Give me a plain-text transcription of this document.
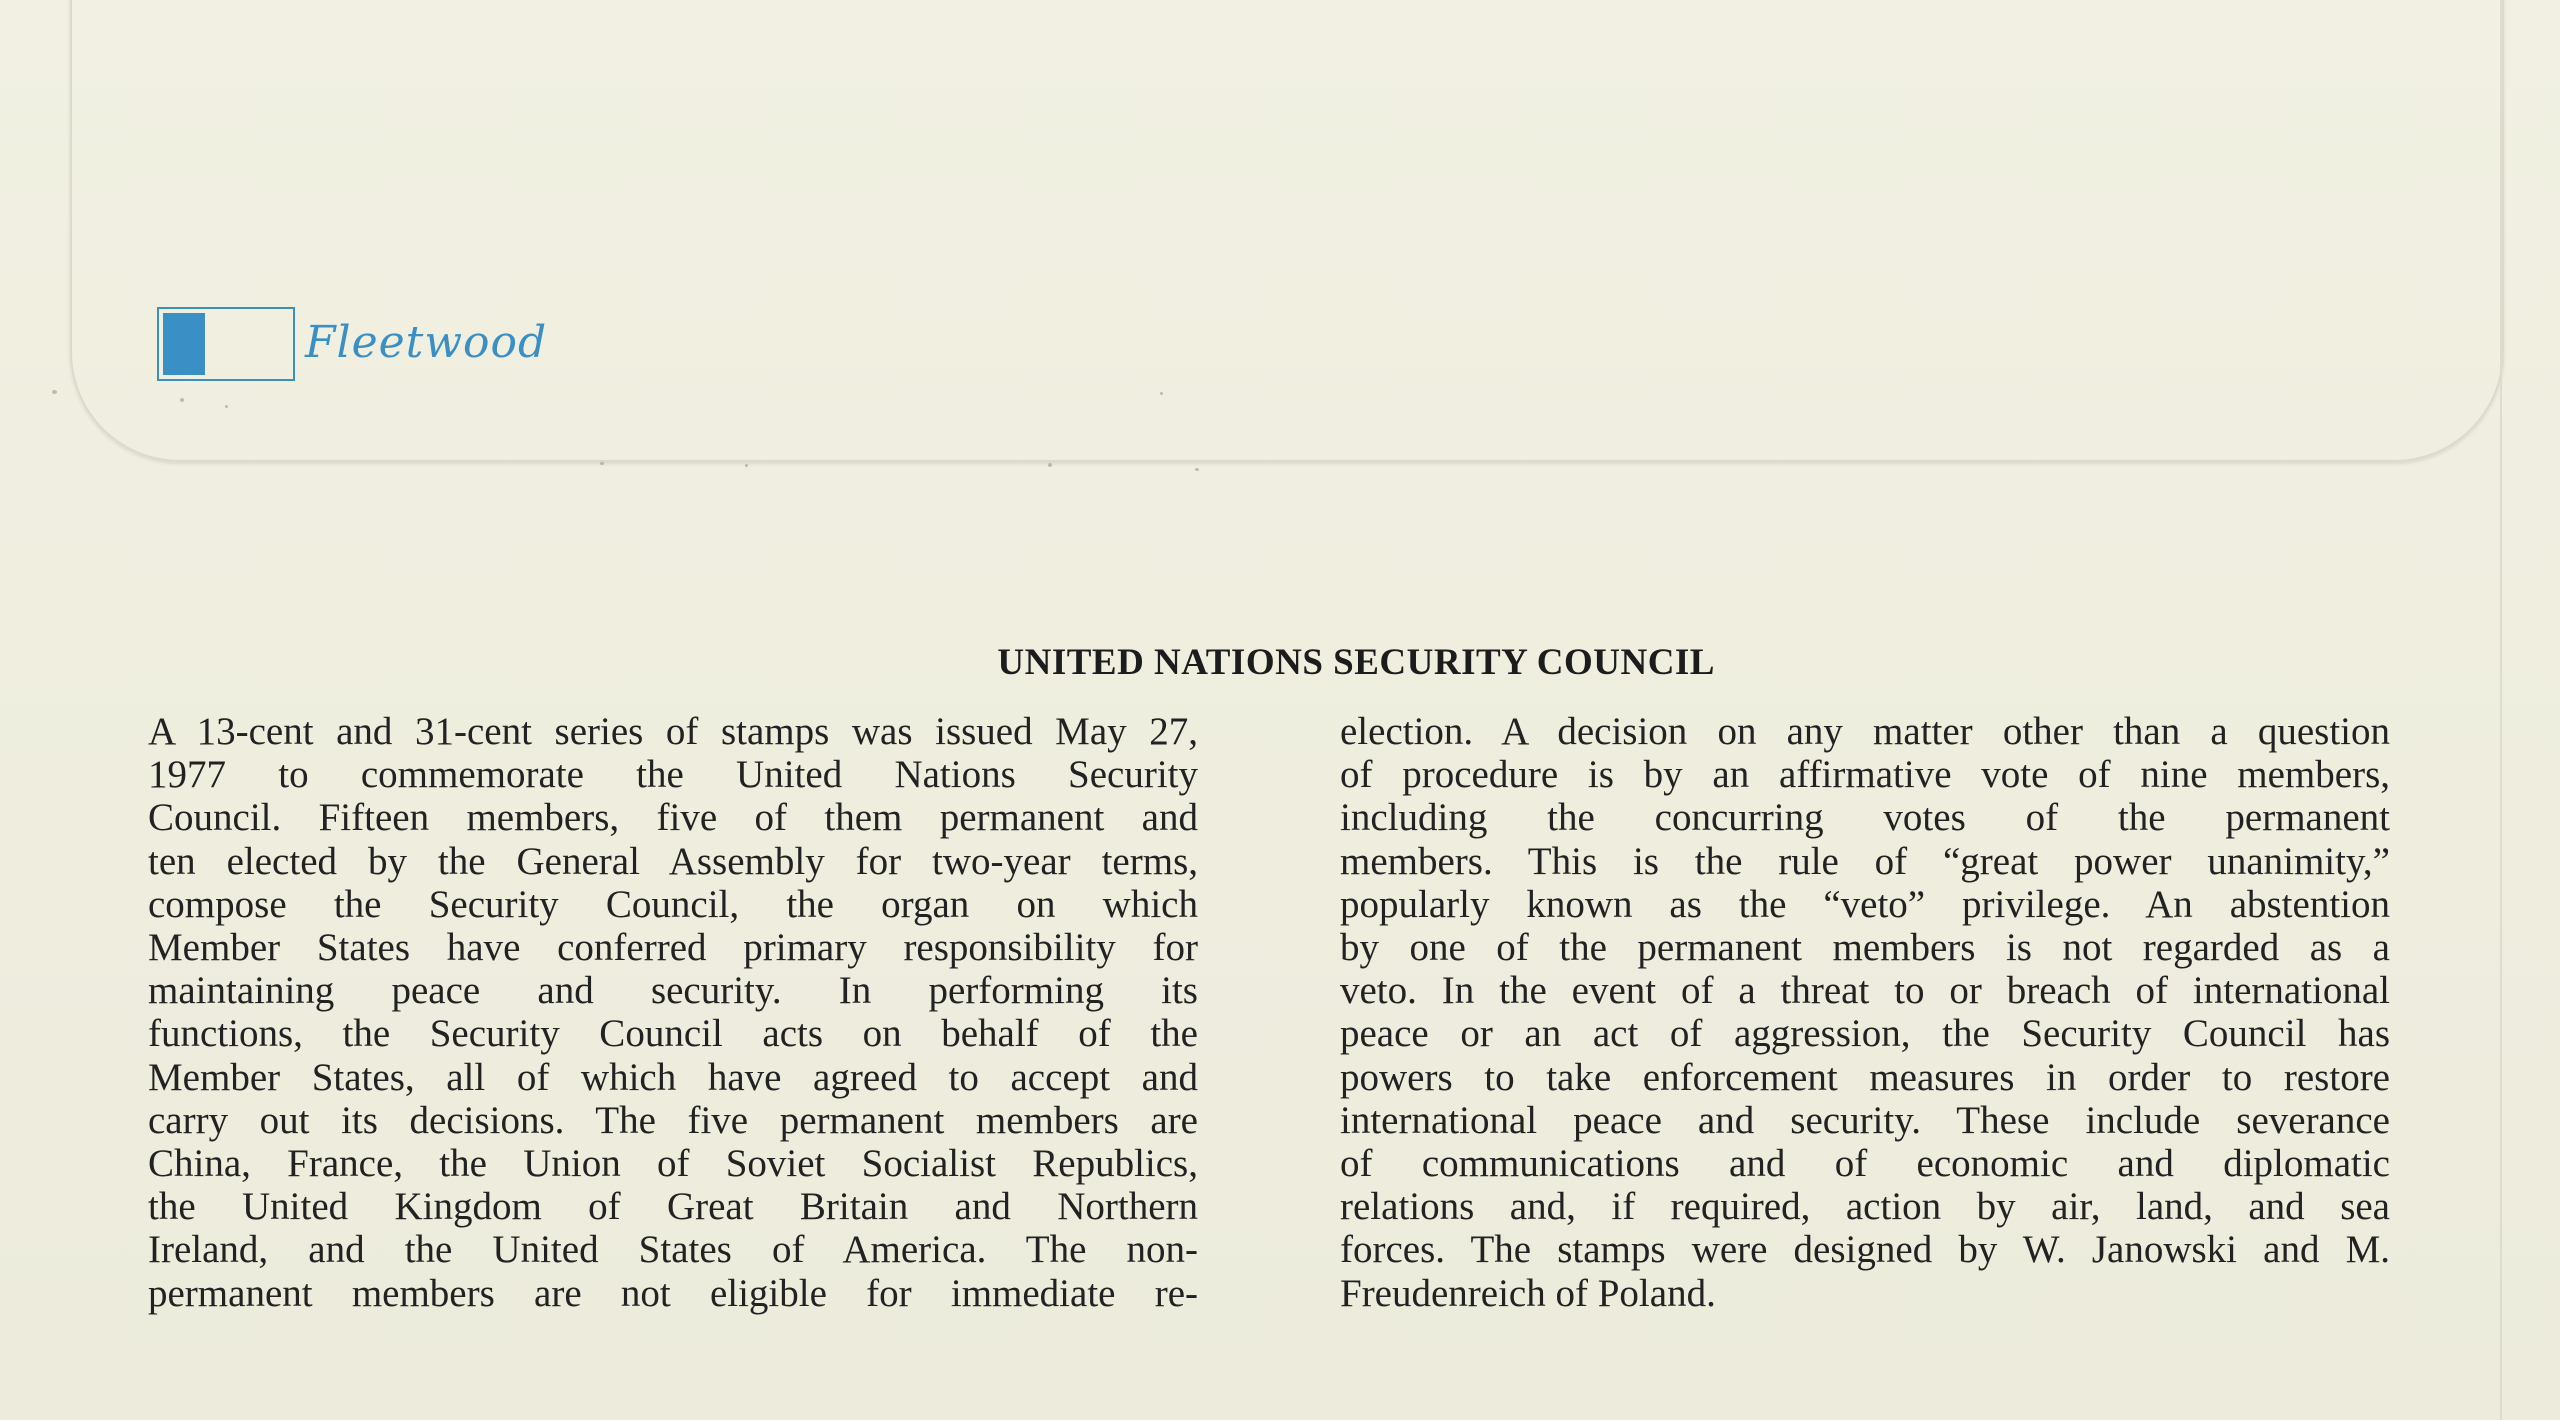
Fleetwood
UNITED NATIONS SECURITY COUNCIL
A 13-cent and 31-cent series of stamps was issued May 27,
1977 to commemorate the United Nations Security
Council. Fifteen members, five of them permanent and
ten elected by the General Assembly for two-year terms,
compose the Security Council, the organ on which
Member States have conferred primary responsibility for
maintaining peace and security. In performing its
functions, the Security Council acts on behalf of the
Member States, all of which have agreed to accept and
carry out its decisions. The five permanent members are
China, France, the Union of Soviet Socialist Republics,
the United Kingdom of Great Britain and Northern
Ireland, and the United States of America. The non-
permanent members are not eligible for immediate re-
election. A decision on any matter other than a question
of procedure is by an affirmative vote of nine members,
including the concurring votes of the permanent
members. This is the rule of “great power unanimity,”
popularly known as the “veto” privilege. An abstention
by one of the permanent members is not regarded as a
veto. In the event of a threat to or breach of international
peace or an act of aggression, the Security Council has
powers to take enforcement measures in order to restore
international peace and security. These include severance
of communications and of economic and diplomatic
relations and, if required, action by air, land, and sea
forces. The stamps were designed by W. Janowski and M.
Freudenreich of Poland.
